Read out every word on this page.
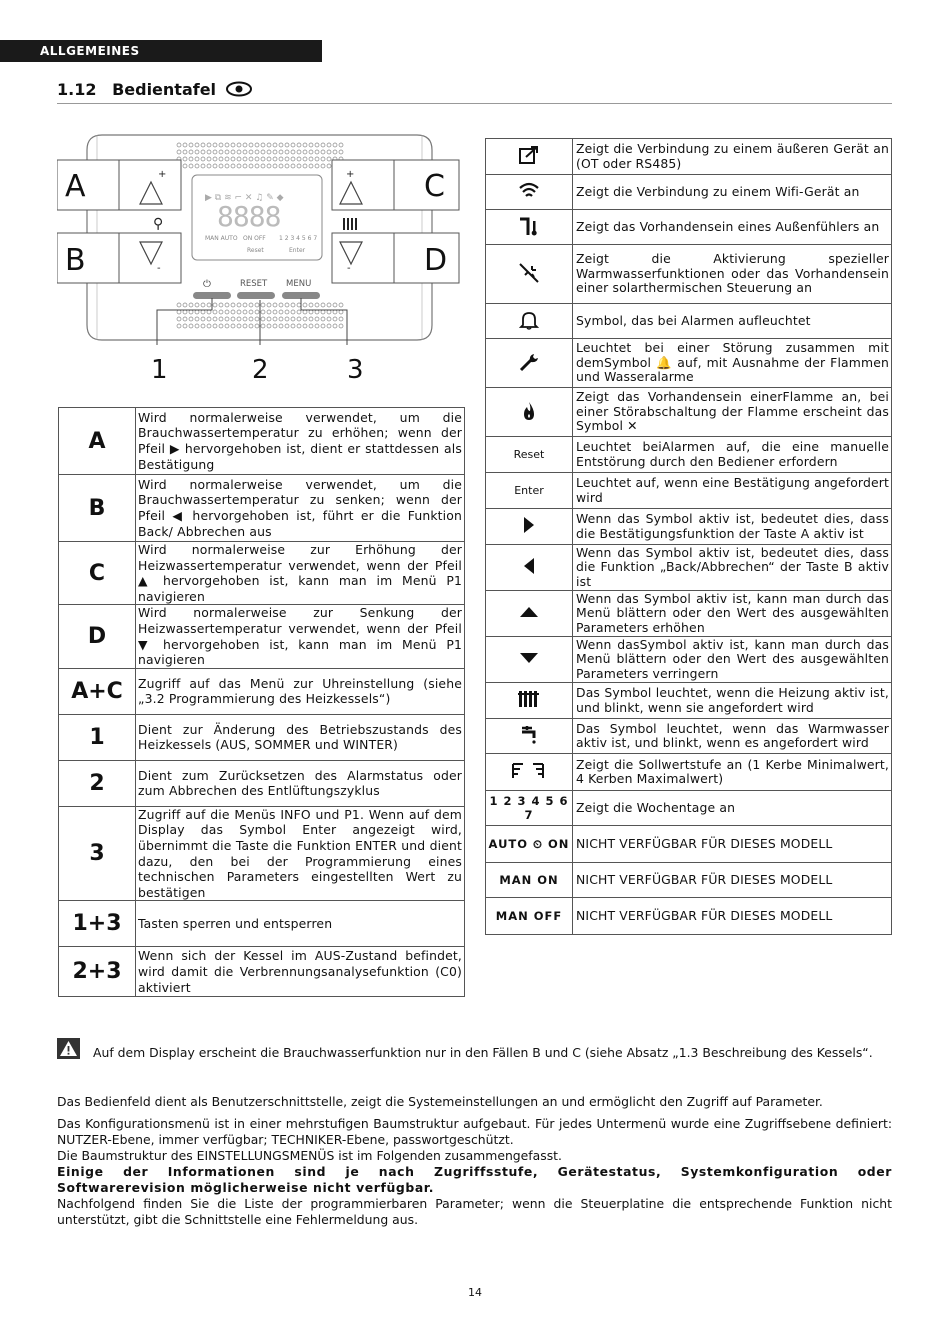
ALLGEMEINES
1.12 Bedientafel
▶ ⧉ ≋ ⌐ ✕ ♫ ✎ ◆
8888
MAN AUTO ON OFF 1 2 3 4 5 6 7
Reset	Enter
A
B
+
-
⚲
C
D
+
-
⏻	RESET MENU
1	2	3
A	Wird normalerweise verwendet, um die Brauchwassertemperatur zu erhöhen; wenn der Pfeil ▶ hervorgehoben ist, dient er stattdessen als Bestätigung
B	Wird normalerweise verwendet, um die Brauchwassertemperatur zu senken; wenn der Pfeil ◀ hervorgehoben ist, führt er die Funktion Back/ Abbrechen aus
C	Wird normalerweise zur Erhöhung der Heizwassertemperatur verwendet, wenn der Pfeil ▲ hervorgehoben ist, kann man im Menü P1 navigieren
D	Wird normalerweise zur Senkung der Heizwassertemperatur verwendet, wenn der Pfeil ▼ hervorgehoben ist, kann man im Menü P1 navigieren
A+C	Zugriff auf das Menü zur Uhreinstellung (siehe „3.2 Programmierung des Heizkessels“)
1	Dient zur Änderung des Betriebszustands des Heizkessels (AUS, SOMMER und WINTER)
2	Dient zum Zurücksetzen des Alarmstatus oder zum Abbrechen des Entlüftungszyklus
3	Zugriff auf die Menüs INFO und P1. Wenn auf dem Display das Symbol Enter angezeigt wird, übernimmt die Taste die Funktion ENTER und dient dazu, den bei der Programmierung eines technischen Parameters eingestellten Wert zu bestätigen
1+3	Tasten sperren und entsperren
2+3	Wenn sich der Kessel im AUS-Zustand befindet, wird damit die Verbrennungsanalysefunktion (C0) aktiviert
	Zeigt die Verbindung zu einem äußeren Gerät an (OT oder RS485)
	Zeigt die Verbindung zu einem Wifi-Gerät an
	Zeigt das Vorhandensein eines Außenfühlers an
	Zeigt die Aktivierung spezieller Warmwasserfunktionen oder das Vorhandensein einer solarthermischen Steuerung an
	Symbol, das bei Alarmen aufleuchtet
	Leuchtet bei einer Störung zusammen mit demSymbol 🔔 auf, mit Ausnahme der Flammen und Wasseralarme
	Zeigt das Vorhandensein einerFlamme an, bei einer Störabschaltung der Flamme erscheint das Symbol ✕
Reset	Leuchtet beiAlarmen auf, die eine manuelle Entstörung durch den Bediener erfordern
Enter	Leuchtet auf, wenn eine Bestätigung angefordert wird
	Wenn das Symbol aktiv ist, bedeutet dies, dass die Bestätigungsfunktion der Taste A aktiv ist
	Wenn das Symbol aktiv ist, bedeutet dies, dass die Funktion „Back/Abbrechen“ der Taste B aktiv ist
	Wenn das Symbol aktiv ist, kann man durch das Menü blättern oder den Wert des ausgewählten Parameters erhöhen
	Wenn dasSymbol aktiv ist, kann man durch das Menü blättern oder den Wert des ausgewählten Parameters verringern
	Das Symbol leuchtet, wenn die Heizung aktiv ist, und blinkt, wenn sie angefordert wird
	Das Symbol leuchtet, wenn das Warmwasser aktiv ist, und blinkt, wenn es angefordert wird
	Zeigt die Sollwertstufe an (1 Kerbe Minimalwert, 4 Kerben Maximalwert)
1 2 3 4 5 6 7	Zeigt die Wochentage an
AUTO ⏲ ON	NICHT VERFÜGBAR FÜR DIESES MODELL
MAN ON	NICHT VERFÜGBAR FÜR DIESES MODELL
MAN OFF	NICHT VERFÜGBAR FÜR DIESES MODELL
Auf dem Display erscheint die Brauchwasserfunktion nur in den Fällen B und C (siehe Absatz „1.3 Beschreibung des Kessels“.

Das Bedienfeld dient als Benutzerschnittstelle, zeigt die Systemeinstellungen an und ermöglicht den Zugriff auf Parameter.

Das Konfigurationsmenü ist in einer mehrstufigen Baumstruktur aufgebaut. Für jedes Untermenü wurde eine Zugriffsebene definiert: NUTZER-Ebene, immer verfügbar; TECHNIKER-Ebene, passwortgeschützt.

Die Baumstruktur des EINSTELLUNGSMENÜS ist im Folgenden zusammengefasst.

Einige der Informationen sind je nach Zugriffsstufe, Gerätestatus, Systemkonfiguration oder Softwarerevision möglicherweise nicht verfügbar.

Nachfolgend finden Sie die Liste der programmierbaren Parameter; wenn die Steuerplatine die entsprechende Funktion nicht unterstützt, gibt die Schnittstelle eine Fehlermeldung aus.

14
